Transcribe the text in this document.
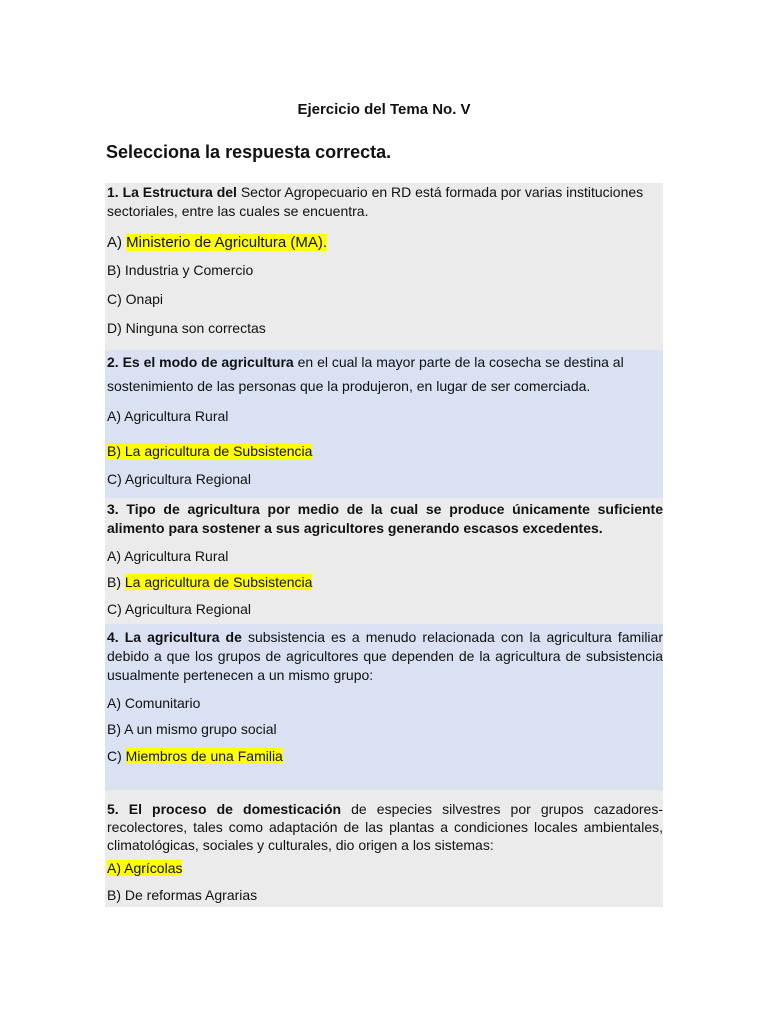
Ejercicio del Tema No. V
Selecciona la respuesta correcta.
1. La Estructura del Sector Agropecuario en RD está formada por varias instituciones sectoriales, entre las cuales se encuentra.
A) Ministerio de Agricultura (MA).
B) Industria y Comercio
C) Onapi
D) Ninguna son correctas
2. Es el modo de agricultura en el cual la mayor parte de la cosecha se destina al sostenimiento de las personas que la produjeron, en lugar de ser comerciada.
A) Agricultura Rural
B) La agricultura de Subsistencia
C) Agricultura Regional
3. Tipo de agricultura por medio de la cual se produce únicamente suficiente alimento para sostener a sus agricultores generando escasos excedentes.
A) Agricultura Rural
B) La agricultura de Subsistencia
C) Agricultura Regional
4. La agricultura de subsistencia es a menudo relacionada con la agricultura familiar debido a que los grupos de agricultores que dependen de la agricultura de subsistencia usualmente pertenecen a un mismo grupo:
A) Comunitario
B) A un mismo grupo social
C) Miembros de una Familia
5. El proceso de domesticación de especies silvestres por grupos cazadores-recolectores, tales como adaptación de las plantas a condiciones locales ambientales, climatológicas, sociales y culturales, dio origen a los sistemas:
A) Agrícolas
B) De reformas Agrarias
